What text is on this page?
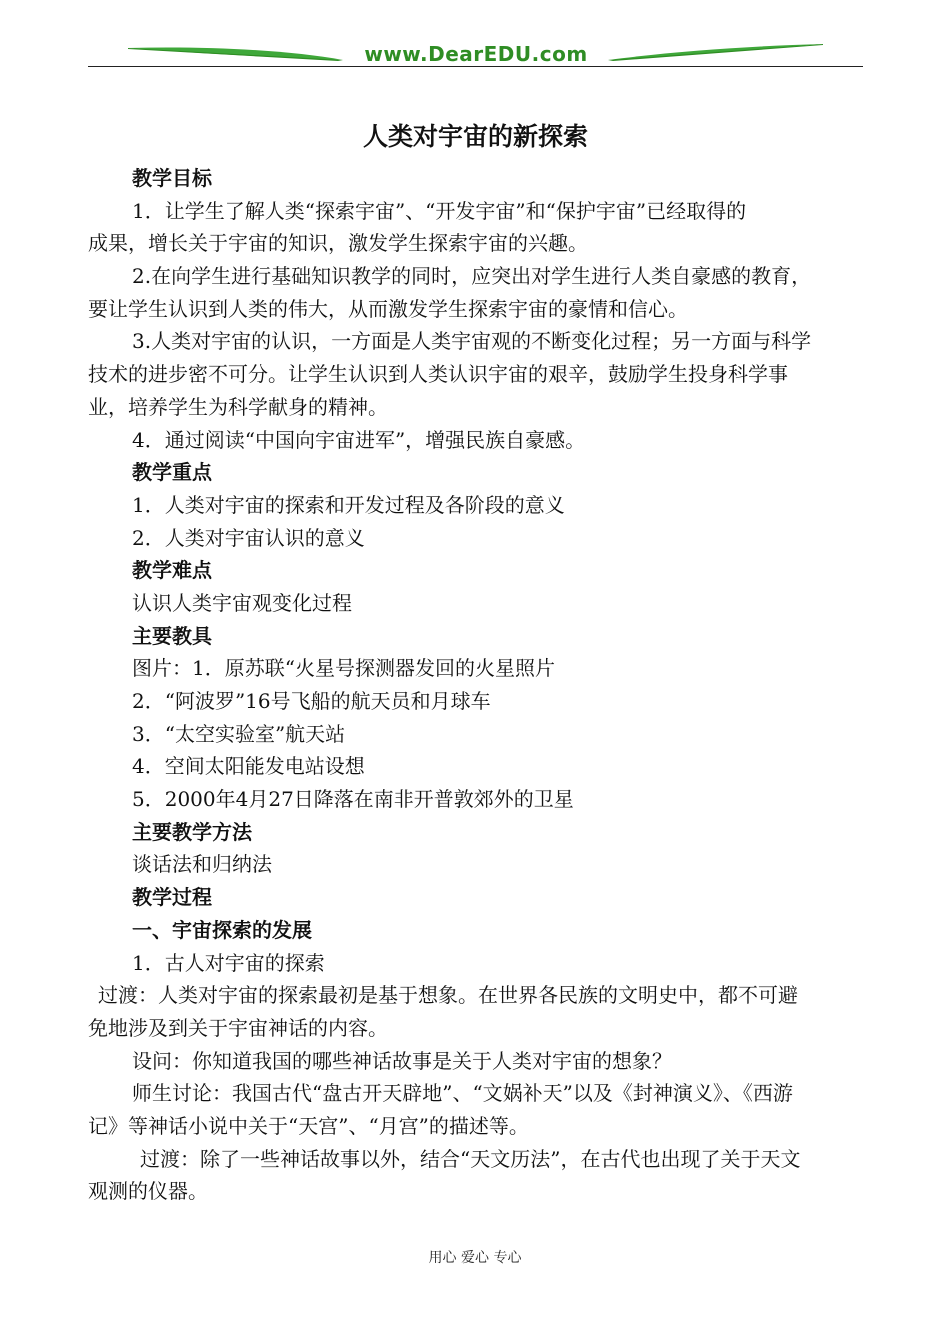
www.DearEDU.com
人类对宇宙的新探索

教学目标

1．让学生了解人类“探索宇宙”、“开发宇宙”和“保护宇宙”已经取得的

成果，增长关于宇宙的知识，激发学生探索宇宙的兴趣。

2.在向学生进行基础知识教学的同时，应突出对学生进行人类自豪感的教育，

要让学生认识到人类的伟大，从而激发学生探索宇宙的豪情和信心。

3.人类对宇宙的认识，一方面是人类宇宙观的不断变化过程；另一方面与科学

技术的进步密不可分。让学生认识到人类认识宇宙的艰辛，鼓励学生投身科学事

业，培养学生为科学献身的精神。

4．通过阅读“中国向宇宙进军”，增强民族自豪感。

教学重点

1．人类对宇宙的探索和开发过程及各阶段的意义

2．人类对宇宙认识的意义

教学难点

认识人类宇宙观变化过程

主要教具

图片：1．原苏联“火星号探测器发回的火星照片

2．“阿波罗”16号飞船的航天员和月球车

3．“太空实验室”航天站

4．空间太阳能发电站设想

5．2000年4月27日降落在南非开普敦郊外的卫星

主要教学方法

谈话法和归纳法

教学过程

一、宇宙探索的发展

1．古人对宇宙的探索

过渡：人类对宇宙的探索最初是基于想象。在世界各民族的文明史中，都不可避

免地涉及到关于宇宙神话的内容。

设问：你知道我国的哪些神话故事是关于人类对宇宙的想象？

师生讨论：我国古代“盘古开天辟地”、“文娲补天”以及《封神演义》、《西游

记》等神话小说中关于“天宫”、“月宫”的描述等。

过渡：除了一些神话故事以外，结合“天文历法”，在古代也出现了关于天文

观测的仪器。

用心 爱心 专心
